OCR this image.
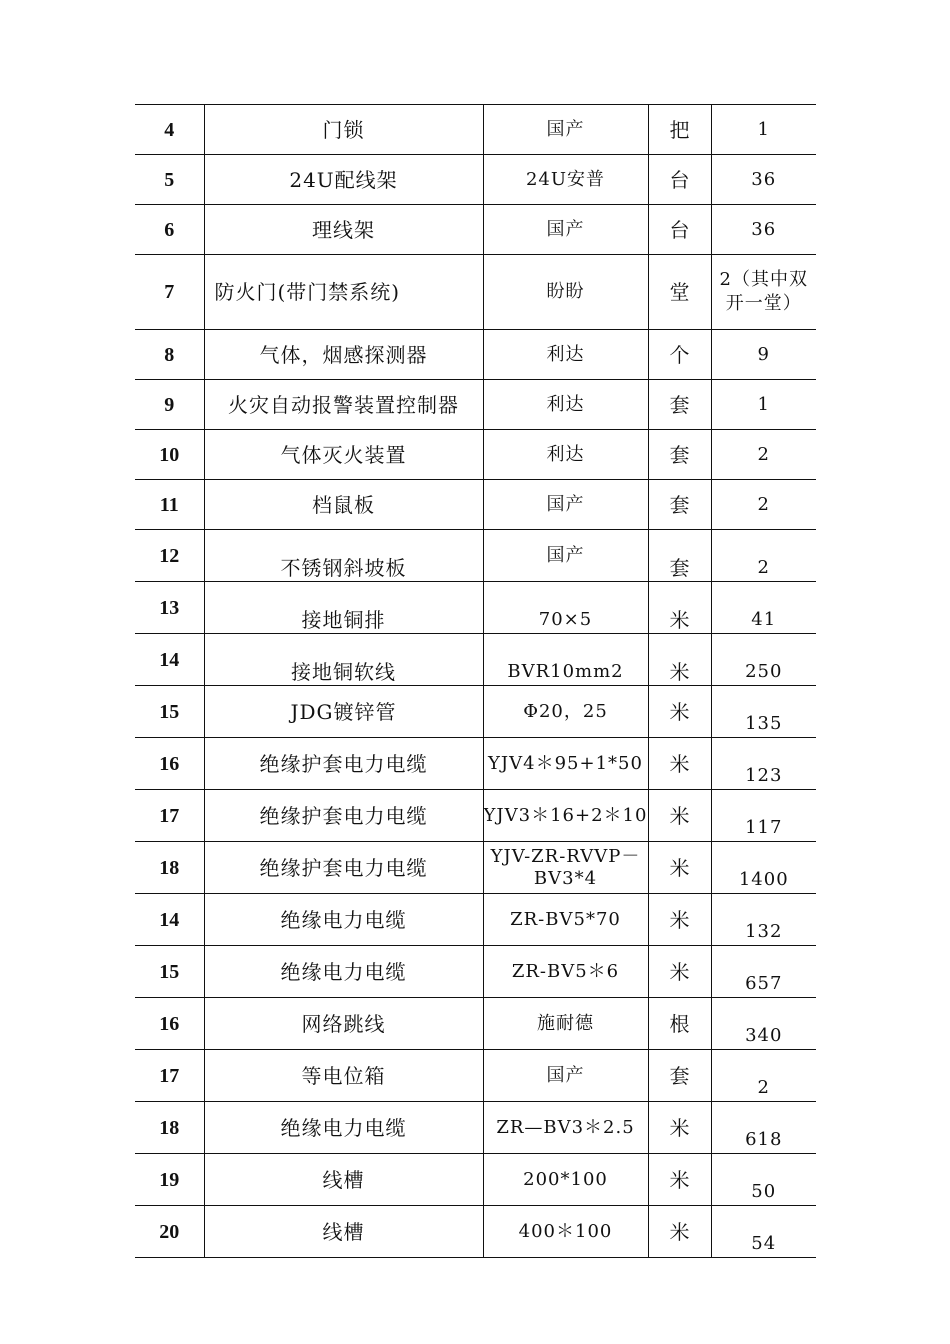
4	门锁	国产	把	1
5	24U配线架	24U安普	台	36
6	理线架	国产	台	36
7	防火门(带门禁系统)	盼盼	堂	2（其中双开一堂）
8	气体，烟感探测器	利达	个	9
9	火灾自动报警装置控制器	利达	套	1
10	气体灭火装置	利达	套	2
11	档鼠板	国产	套	2
12	不锈钢斜坡板	国产	套	2
13	接地铜排	70×5	米	41
14	接地铜软线	BVR10mm2	米	250
15	JDG镀锌管	Φ20，25	米	135
16	绝缘护套电力电缆	YJV4＊95+1*50	米	123
17	绝缘护套电力电缆	YJV3＊16+2＊10	米	117
18	绝缘护套电力电缆	YJV-ZR-RVVP－BV3*4	米	1400
14	绝缘电力电缆	ZR-BV5*70	米	132
15	绝缘电力电缆	ZR-BV5＊6	米	657
16	网络跳线	施耐德	根	340
17	等电位箱	国产	套	2
18	绝缘电力电缆	ZR—BV3＊2.5	米	618
19	线槽	200*100	米	50
20	线槽	400＊100	米	54
